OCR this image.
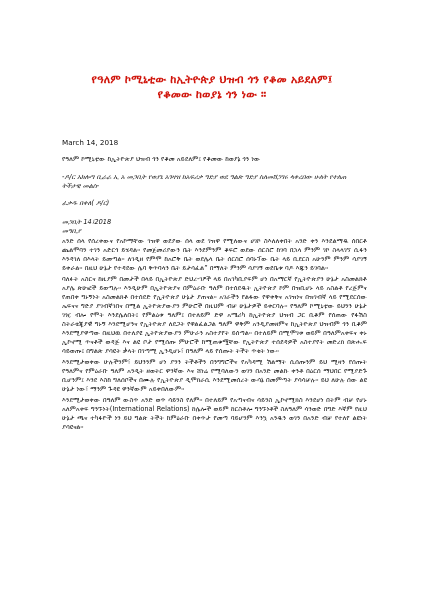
የዓለም ኮሚኒቲው ከኢትዮጵያ ህዝብ ጎን የቆመ አይደለም፤
የቆመው ከወያኔ ጎን ነው ።
March 14, 2018
የዓለም ኮሚኒቲው ከኢትዮጵያ ህዝብ ጎን የቆመ አይደለም፤ የቆመው ከወያኔ ጎን ነው
-ዶ/ር አክሎግ ቢራራ ኢ አ መጋቢት የወያኔ አገዛዝ ከአፍሪቃ ግድያ ወደ ግልጽ ግድያ ስለመሸጋገሩ ላቀረበው ሁለት የተለጠ ትችታዊ መልስ-
ፈቃዱ በቀለ( ዶ/ር)
መጋቢት 14፤2018
መግቢያ

አንድ ሰላ የሰረቀውና የአኮማቸው ገዝዋ ወደያው ሰላ ወደ ገዝዋ የሚለውና ሀገኮ ስእለለቀበት አንድ ቀን እንደልማዱ ሰበርቶ ጨልሞባን ተገን አድርጎ ይሄዳል። የመጀመሪያውን ቤት እንደምንም ቆፍሮ ወደው ሰርስሮ ከገባ በኋላ ምንም ገኮ ስላላገኘ ሲፋን እንዳገለ በእላት ይመጣል። ለገዲዘ የምሞ ከአሮቅ ቤት ወደሌላ ቤት ሰርስሮ ሰባኑፕው ቤት ላይ ቢደርስ አሁንም ምንም ሳያገኝ ይቀራል። በዚህ ሁኔታ የተዳደው ሌባ ቅጥባላን ቤት ይታሳፈል” በማለት ምንም ሳያገኝ ወደቤቱ ባዶ እጁን ይገባል።

ባለፉት አስርና ከዚያም በመታች በላይ በኢትዮጵያ ድህረ-ገፆች ላይ በአገካቢያፍም ሆነ በአማርኛ የኢትዮጵያን ሁኔታ አስመልክቶ አያሌ ጽሁፎች ይወጣሉ። እንዲሁም በኢትዮጵያና በምዕራቡ ዓለም በተሰደዱት ኢትዮጵያ ኮም በዝቢሆኑ ላይ አስልቶ የረጅምና የጠበቀ ግኑኝነት አስመልክቶ በተሰደድ የኢትዮጵያ ሁኔታ ያጠናል። አገራችን የልፋው የዋቀቅና አገዝነና በዝገብኛ ላይ የሚደርሰው ኤፍናና ግድያ ያገብኛገበና በሚል ኢትዮጵያውያን ምሁሮች በዚህም ብቻ ሁኔታዎች ይቀርባሉ። የዓለም ኮሚኒቲው ይህንን ሁኔታ ገዢ ብሎ የሞት እንደሌለበት፤ የምልዕቱ ዓለም፤ በተለይም ድዋ አሜሪካ ከኢትዮጵያ ህዝብ ጋር ቢቆም የሰጠው የፋሽስ ስትራቴጂያዊ ግኑኝ እንደሚሆንና የኢትዮጵያ ለደጋት የዋልፈልጋል ዓለም ዋቅም አንዲያመዘምና ከኢትዮጵያ ህዝብም ጎን ቢቆም እንደሚያዋጣው በዚህዉ በተለያዩ ኢትዮጵያውያን ምሁራን አስተያየት ይሰጣል። በተለይም በሚሞገቱ ወይም በዓለምአቀፍና ቀኑ ኢኮኖሚ ጥናቶች ወዳጅ እና ልዩ ቦታ የሚሰጡ ምሁሮች ከሚጠቁሟቸው የኢትዮጵያ ተሰደዳዎች አስተያየት መድረክ በጽሑፍ ሳይወጡ፤ በግልጽ ያሳዩት ቃላት በገጣሚ ኢንዲሆኑ፣ በዓለም ላይ የሰጡት ትችት ጥቂት ነው።

እንደሚታወቀው ሁሉችንም፣ ይህንንም ሆነ ያንን ትችቶችን በንግግሮችና የአካዳሚ ሽልማት ሲሰጡንም ይህ ሚዛን የሰጡት የዓለምና የምዕራቡ ዓለም አንዲት ዘወትር ዋንኛው እና ሸነሬ የሚባለውን ወገን በአንድ መልኩ ቀንቶ በዕርሰ ማህበር የሚያድጉ ቢሆንም፤ እንደ እስከ ግለሰቦችና በሙሉ የኢትዮጵያ ዲሞክራሲ እንደሚመሰረት ውሳኔ በመምጣት ያሳሳቻሉ። ይህ ለሁሉ ሰው ልዩ ሁኔታ ነው፣ ማንም ጉዳዩ ዋንኛውም አይቀበለውም።

እንደሚታወቀው በዓለም ውስጥ አንድ ወጥ ሳይንስ የለም። በተለይም የአጣናብና ሳይንስ ኢኮኖሚክስ እንደሆነ በትም ብቻ የሆኑ አለምአቀፍ ግንኙነት(International Relations) ከሌሎች ወይም ከርስቶሎ ግንኙነቶች ስለዓለም ሳንወድ በግድ እኛም የዚህ ሁኔታ ጫና ተካፋዮች ነን ይህ ግልጽ ትችት ከምዕራቡ በቀጥታ የመጣ ባይሆንም እንኳ አንዱን ወገን በአንድ ብቻ የተለየ ልዩነት ያሳዩናል።
